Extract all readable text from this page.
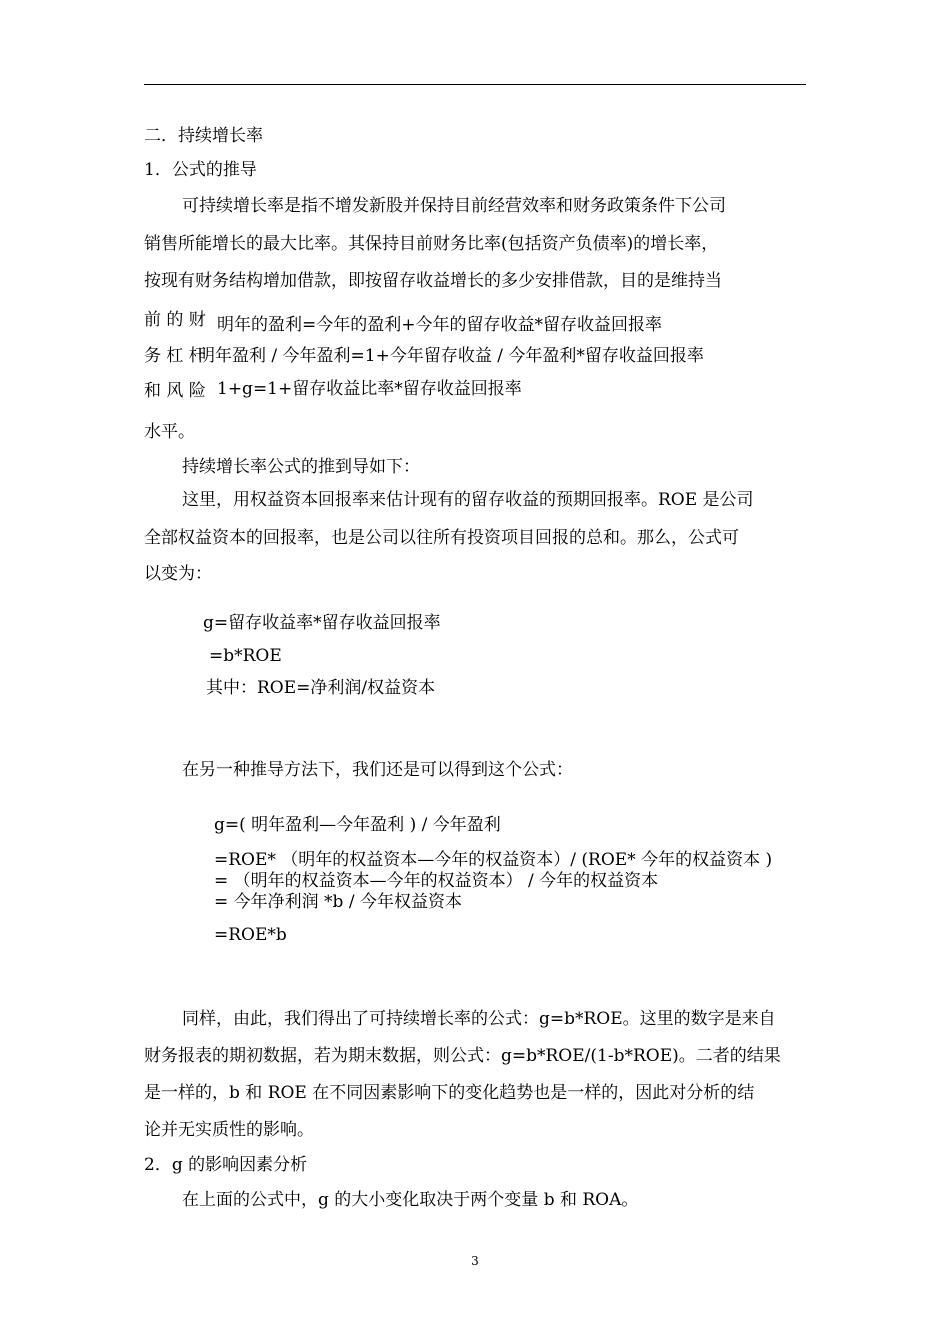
二．持续增长率
1．公式的推导
可持续增长率是指不增发新股并保持目前经营效率和财务政策条件下公司
销售所能增长的最大比率。其保持目前财务比率(包括资产负债率)的增长率，
按现有财务结构增加借款，即按留存收益增长的多少安排借款，目的是维持当
前 的 财 明年的盈利=今年的盈利+今年的留存收益*留存收益回报率
务 杠 杆
明年盈利 / 今年盈利=1+今年留存收益 / 今年盈利*留存收益回报率
和 风 险 1+g=1+留存收益比率*留存收益回报率
水平。
持续增长率公式的推到导如下：
这里，用权益资本回报率来估计现有的留存收益的预期回报率。ROE 是公司
全部权益资本的回报率，也是公司以往所有投资项目回报的总和。那么，公式可
以变为：
g=留存收益率*留存收益回报率
=b*ROE
其中：ROE=净利润/权益资本
在另一种推导方法下，我们还是可以得到这个公式：
g=( 明年盈利—今年盈利 ) / 今年盈利
=ROE* （明年的权益资本—今年的权益资本）/ (ROE* 今年的权益资本 )
= （明年的权益资本—今年的权益资本） / 今年的权益资本
= 今年净利润 *b / 今年权益资本
=ROE*b
同样，由此，我们得出了可持续增长率的公式：g=b*ROE。这里的数字是来自
财务报表的期初数据，若为期末数据，则公式：g=b*ROE/(1-b*ROE)。二者的结果
是一样的，b 和 ROE 在不同因素影响下的变化趋势也是一样的，因此对分析的结
论并无实质性的影响。
2．g 的影响因素分析
在上面的公式中，g 的大小变化取决于两个变量 b 和 ROA。
3
